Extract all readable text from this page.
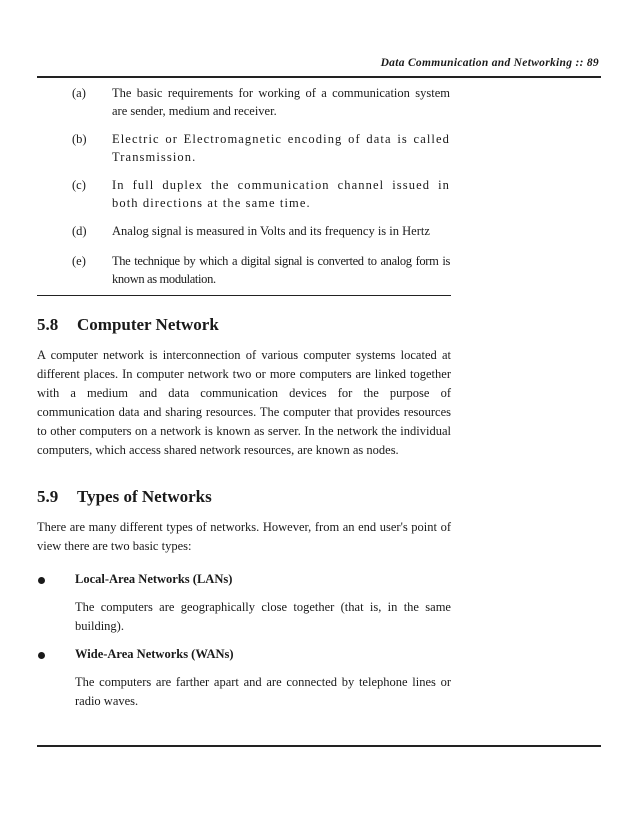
Data Communication and Networking :: 89
(a) The basic requirements for working of a communication system are sender, medium and receiver.
(b) Electric or Electromagnetic encoding of data is called Transmission.
(c) In full duplex the communication channel issued in both directions at the same time.
(d) Analog signal is measured in Volts and its frequency is in Hertz
(e) The technique by which a digital signal is converted to analog form is known as modulation.
5.8 Computer Network
A computer network is interconnection of various computer systems located at different places. In computer network two or more computers are linked together with a medium and data communication devices for the purpose of communication data and sharing resources. The computer that provides resources to other computers on a network is known as server. In the network the individual computers, which access shared network resources, are known as nodes.
5.9 Types of Networks
There are many different types of networks. However, from an end user's point of view there are two basic types:
Local-Area Networks (LANs)
The computers are geographically close together (that is, in the same building).
Wide-Area Networks (WANs)
The computers are farther apart and are connected by telephone lines or radio waves.
